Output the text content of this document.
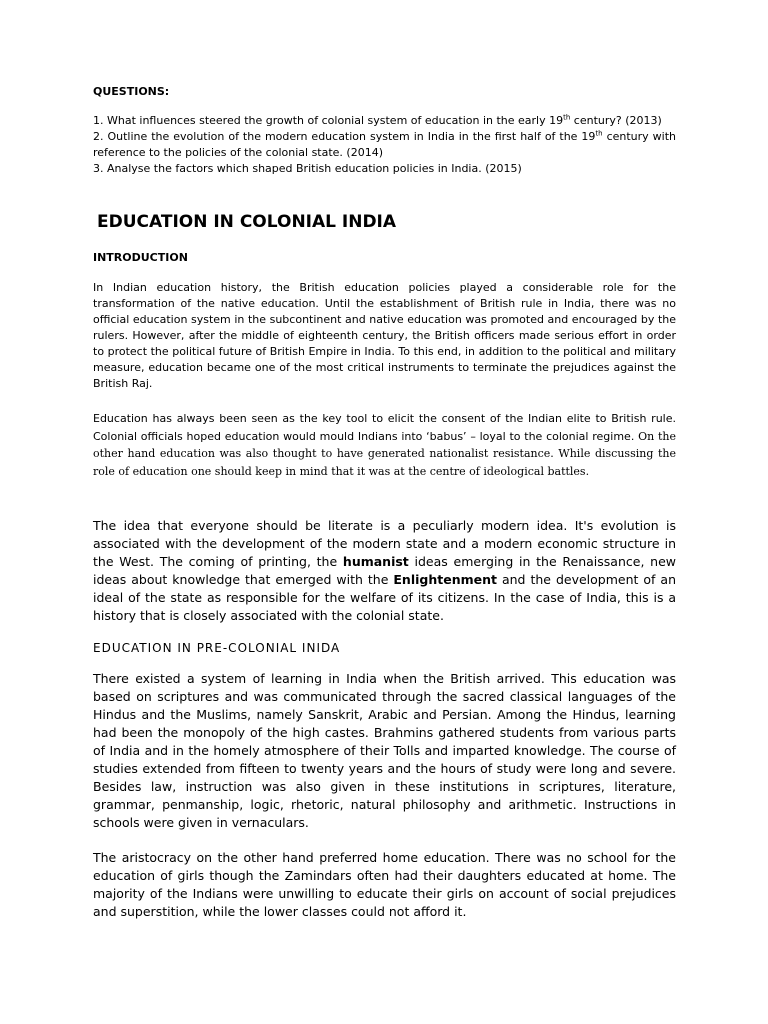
QUESTIONS:

1. What influences steered the growth of colonial system of education in the early 19th century? (2013)

2. Outline the evolution of the modern education system in India in the first half of the 19th century with reference to the policies of the colonial state. (2014)

3. Analyse the factors which shaped British education policies in India. (2015)

EDUCATION IN COLONIAL INDIA
INTRODUCTION
In Indian education history, the British education policies played a considerable role for the transformation of the native education. Until the establishment of British rule in India, there was no official education system in the subcontinent and native education was promoted and encouraged by the rulers. However, after the middle of eighteenth century, the British officers made serious effort in order to protect the political future of British Empire in India. To this end, in addition to the political and military measure, education became one of the most critical instruments to terminate the prejudices against the British Raj.
Education has always been seen as the key tool to elicit the consent of the Indian elite to British rule. Colonial officials hoped education would mould Indians into ‘babus’ – loyal to the colonial regime. On the other hand education was also thought to have generated nationalist resistance. While discussing the role of education one should keep in mind that it was at the centre of ideological battles.
The idea that everyone should be literate is a peculiarly modern idea. It's evolution is associated with the development of the modern state and a modern economic structure in the West. The coming of printing, the humanist ideas emerging in the Renaissance, new ideas about knowledge that emerged with the Enlightenment and the development of an ideal of the state as responsible for the welfare of its citizens. In the case of India, this is a history that is closely associated with the colonial state.
EDUCATION IN PRE-COLONIAL INIDA
There existed a system of learning in India when the British arrived. This education was based on scriptures and was communicated through the sacred classical languages of the Hindus and the Muslims, namely Sanskrit, Arabic and Persian. Among the Hindus, learning had been the monopoly of the high castes. Brahmins gathered students from various parts of India and in the homely atmosphere of their Tolls and imparted knowledge. The course of studies extended from fifteen to twenty years and the hours of study were long and severe. Besides law, instruction was also given in these institutions in scriptures, literature, grammar, penmanship, logic, rhetoric, natural philosophy and arithmetic. Instructions in schools were given in vernaculars.
The aristocracy on the other hand preferred home education. There was no school for the education of girls though the Zamindars often had their daughters educated at home. The majority of the Indians were unwilling to educate their girls on account of social prejudices and superstition, while the lower classes could not afford it.
